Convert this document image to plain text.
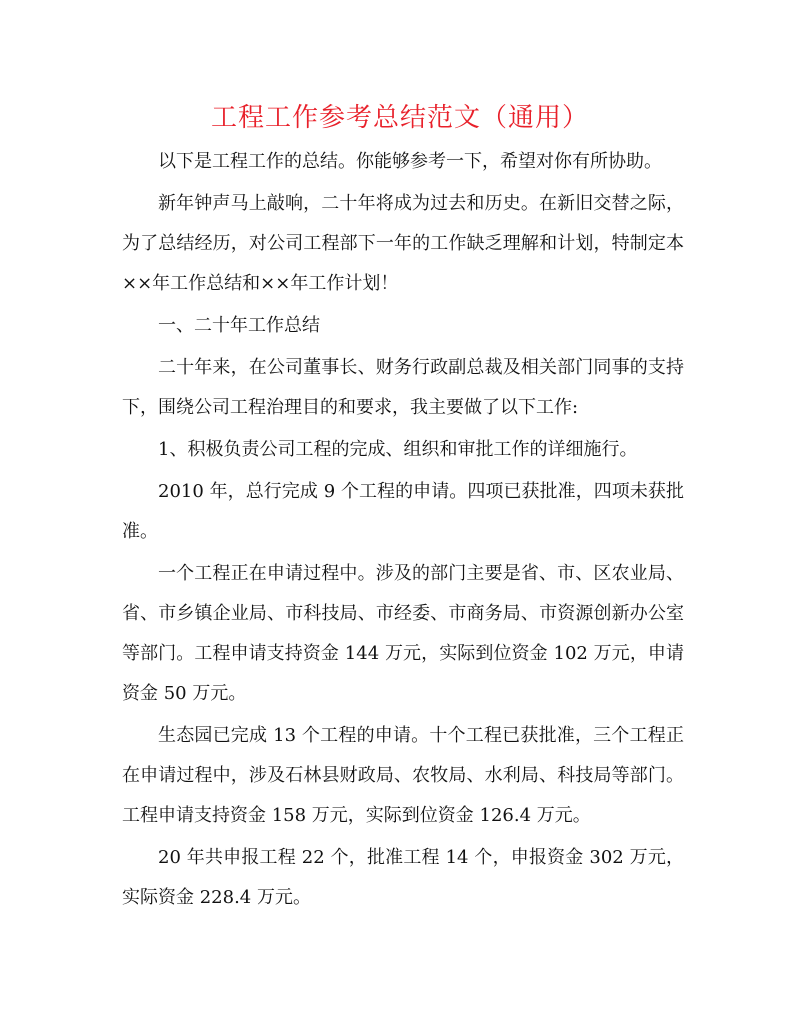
工程工作参考总结范文（通用）

以下是工程工作的总结。你能够参考一下，希望对你有所协助。

新年钟声马上敲响，二十年将成为过去和历史。在新旧交替之际，为了总结经历，对公司工程部下一年的工作缺乏理解和计划，特制定本××年工作总结和××年工作计划！

一、二十年工作总结

二十年来，在公司董事长、财务行政副总裁及相关部门同事的支持下，围绕公司工程治理目的和要求，我主要做了以下工作:

1、积极负责公司工程的完成、组织和审批工作的详细施行。

2010 年，总行完成 9 个工程的申请。四项已获批准，四项未获批准。

一个工程正在申请过程中。涉及的部门主要是省、市、区农业局、省、市乡镇企业局、市科技局、市经委、市商务局、市资源创新办公室等部门。工程申请支持资金 144 万元，实际到位资金 102 万元，申请资金 50 万元。

生态园已完成 13 个工程的申请。十个工程已获批准，三个工程正在申请过程中，涉及石林县财政局、农牧局、水利局、科技局等部门。工程申请支持资金 158 万元，实际到位资金 126.4 万元。

20 年共申报工程 22 个，批准工程 14 个，申报资金 302 万元，实际资金 228.4 万元。
